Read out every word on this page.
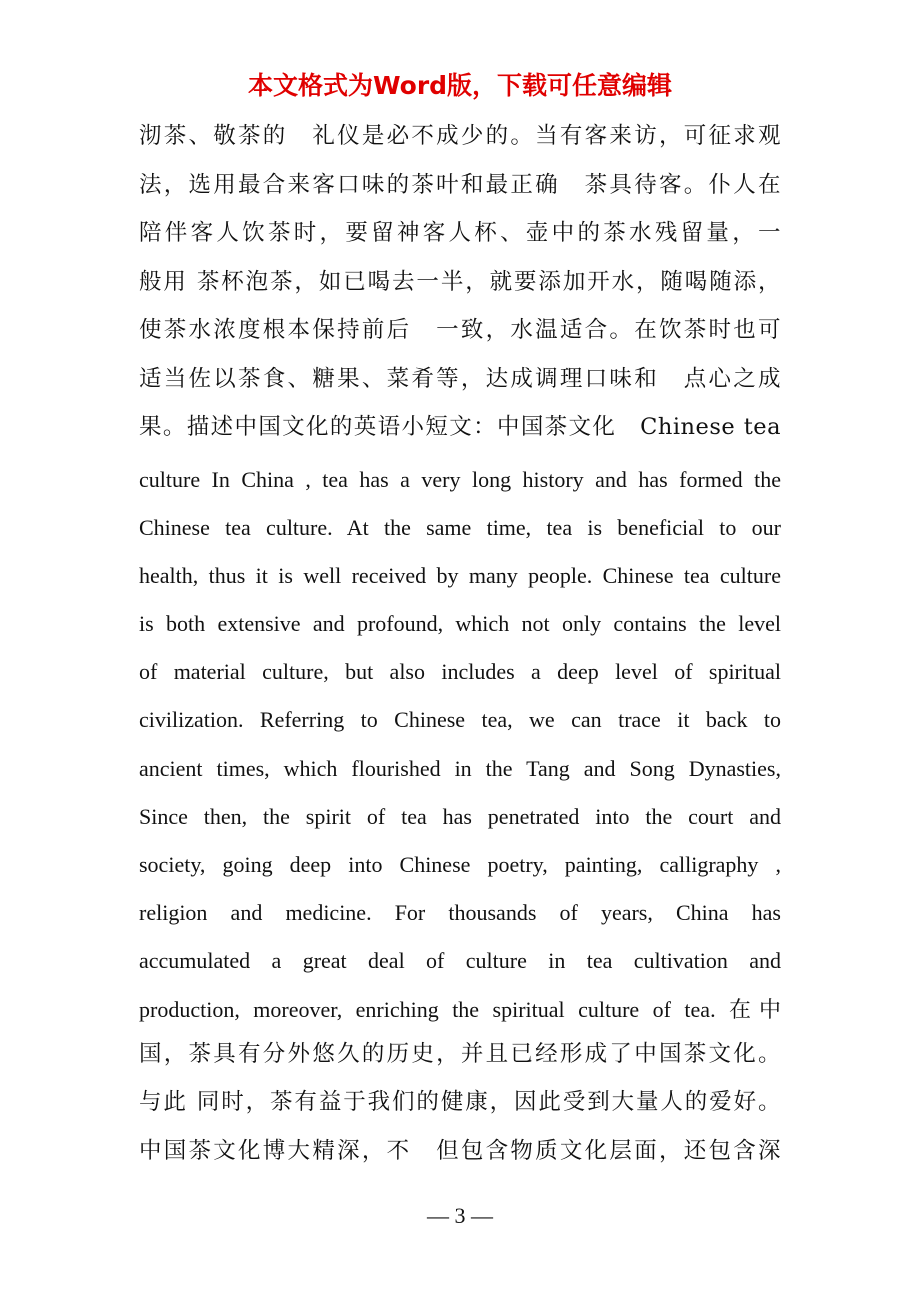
本文格式为Word版，下载可任意编辑
沏茶、敬茶的　礼仪是必不成少的。当有客来访，可征求观
法，选用最合来客口味的茶叶和最正确　茶具待客。仆人在
陪伴客人饮茶时，要留神客人杯、壶中的茶水残留量，一
般用 茶杯泡茶，如已喝去一半，就要添加开水，随喝随添，
使茶水浓度根本保持前后　一致，水温适合。在饮茶时也可
适当佐以茶食、糖果、菜肴等，达成调理口味和　点心之成
果。描述中国文化的英语小短文：中国茶文化　Chinese tea
culture In China , tea has a very long history and has formed the
Chinese tea culture. At the same time, tea is beneficial to our
health, thus it is well received by many people. Chinese tea culture
is both extensive and profound, which not only contains the level
of material culture, but also includes a deep level of spiritual
civilization. Referring to Chinese tea, we can trace it back to
ancient times, which flourished in the Tang and Song Dynasties,
Since then, the spirit of tea has penetrated into the court and
society, going deep into Chinese poetry, painting, calligraphy ,
religion and medicine. For thousands of years, China has
accumulated a great deal of culture in tea cultivation and
production, moreover, enriching the spiritual culture of tea. 在中
国，茶具有分外悠久的历史，并且已经形成了中国茶文化。
与此 同时，茶有益于我们的健康，因此受到大量人的爱好。
中国茶文化博大精深，不　但包含物质文化层面，还包含深
— 3 —
